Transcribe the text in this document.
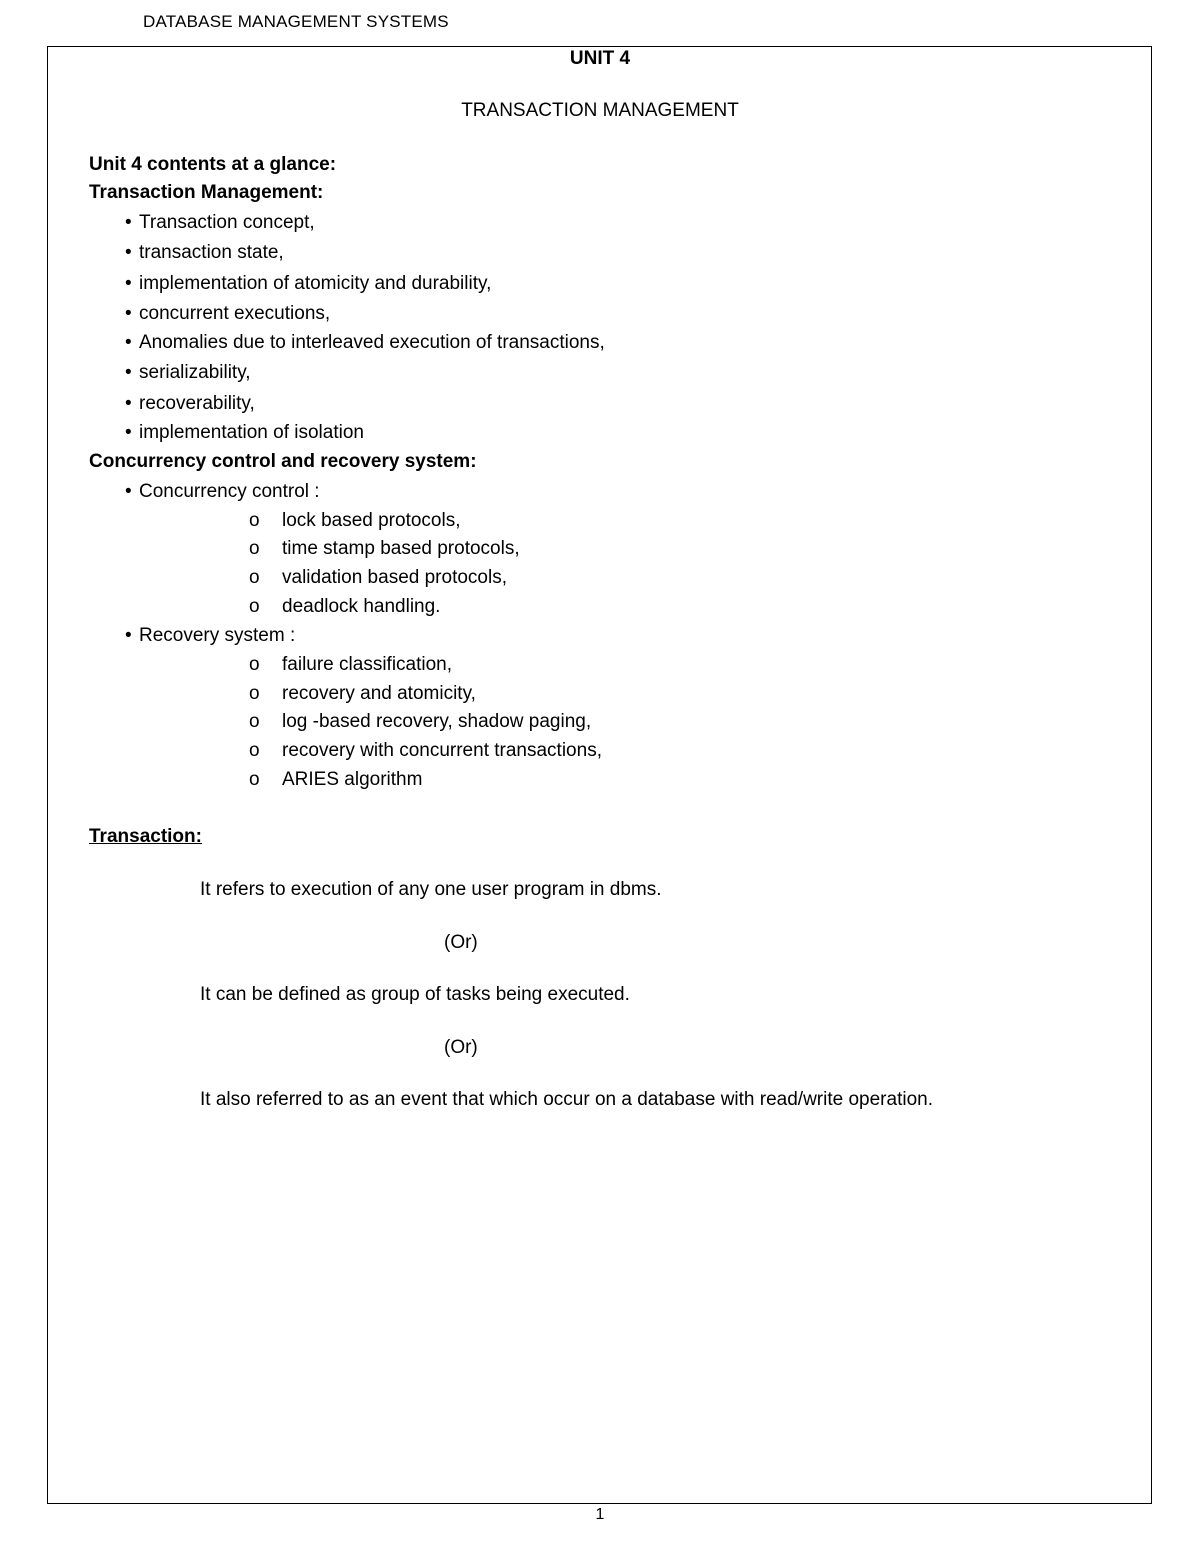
DATABASE MANAGEMENT SYSTEMS
UNIT 4
TRANSACTION MANAGEMENT
Unit 4 contents at a glance:
Transaction Management:
• Transaction concept,
• transaction state,
• implementation of atomicity and durability,
• concurrent executions,
• Anomalies due to interleaved execution of transactions,
• serializability,
• recoverability,
• implementation of isolation
Concurrency control and recovery system:
• Concurrency control :
o lock based protocols,
o time stamp based protocols,
o validation based protocols,
o deadlock handling.
• Recovery system :
o failure classification,
o recovery and atomicity,
o log -based recovery, shadow paging,
o recovery with concurrent transactions,
o ARIES algorithm
Transaction:
It refers to execution of any one user program in dbms.
(Or)
It can be defined as group of tasks being executed.
(Or)
It also referred to as an event that which occur on a database with read/write operation.
1
